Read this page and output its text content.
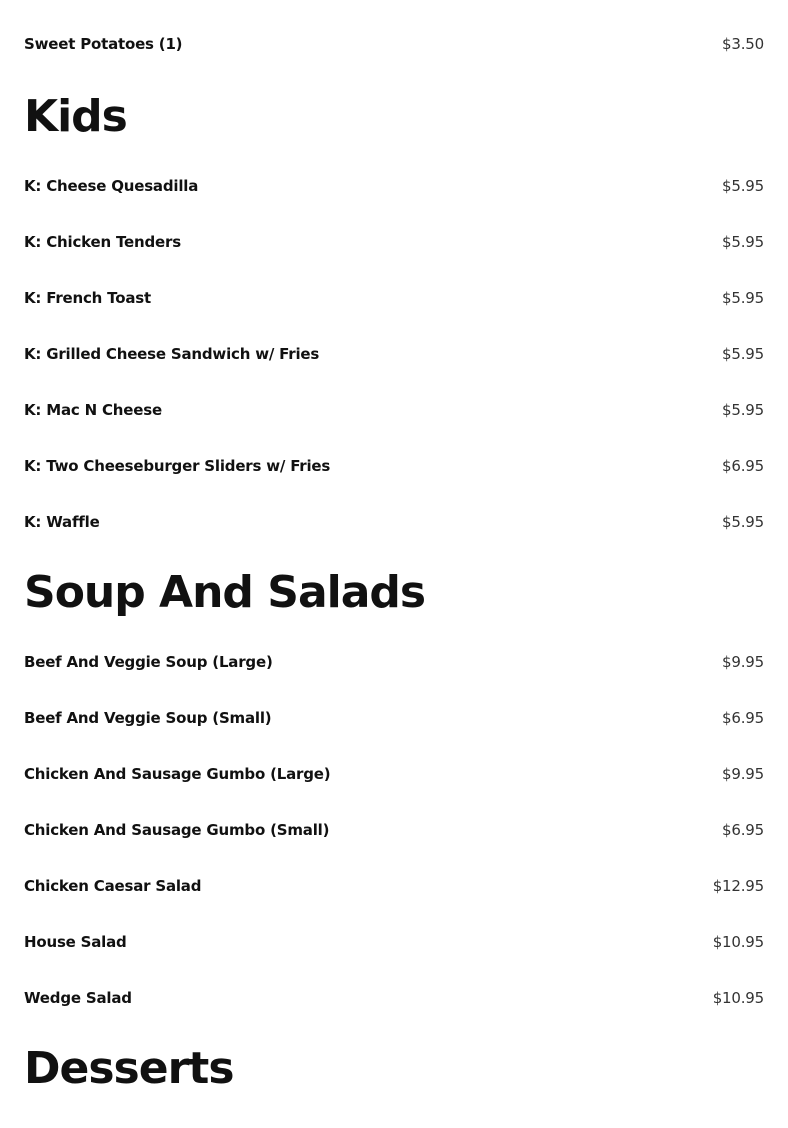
Sweet Potatoes (1)	$3.50
Kids
K: Cheese Quesadilla	$5.95
K: Chicken Tenders	$5.95
K: French Toast	$5.95
K: Grilled Cheese Sandwich w/ Fries	$5.95
K: Mac N Cheese	$5.95
K: Two Cheeseburger Sliders w/ Fries	$6.95
K: Waffle	$5.95
Soup And Salads
Beef And Veggie Soup (Large)	$9.95
Beef And Veggie Soup (Small)	$6.95
Chicken And Sausage Gumbo (Large)	$9.95
Chicken And Sausage Gumbo (Small)	$6.95
Chicken Caesar Salad	$12.95
House Salad	$10.95
Wedge Salad	$10.95
Desserts
